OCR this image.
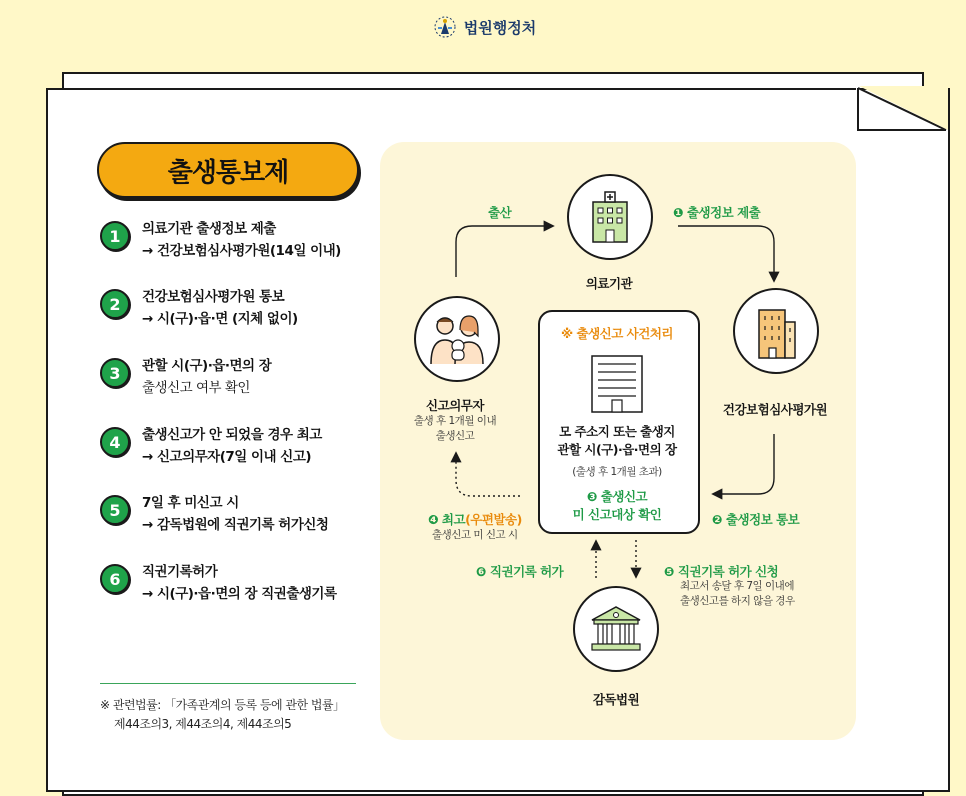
법원행정처
출생통보제
1	의료기관 출생정보 제출
→ 건강보험심사평가원(14일 이내)
2	건강보험심사평가원 통보
→ 시(구)·읍·면 (지체 없이)
3	관할 시(구)·읍·면의 장
출생신고 여부 확인
4	출생신고가 안 되었을 경우 최고
→ 신고의무자(7일 이내 신고)
5	7일 후 미신고 시
→ 감독법원에 직권기록 허가신청
6	직권기록허가
→ 시(구)·읍·면의 장 직권출생기록
※ 관련법률: 「가족관계의 등록 등에 관한 법률」
제44조의3, 제44조의4, 제44조의5
의료기관
건강보험심사평가원
신고의무자
출생 후 1개월 이내
출생신고
감독법원
※ 출생신고 사건처리
모 주소지 또는 출생지
관할 시(구)·읍·면의 장
(출생 후 1개월 초과)
❸ 출생신고
미 신고대상 확인
출산	❶ 출생정보 제출
❷ 출생정보 통보
❹ 최고(우편발송)
출생신고 미 신고 시
❻ 직권기록 허가	❺ 직권기록 허가 신청
최고서 송달 후 7일 이내에
출생신고를 하지 않을 경우
